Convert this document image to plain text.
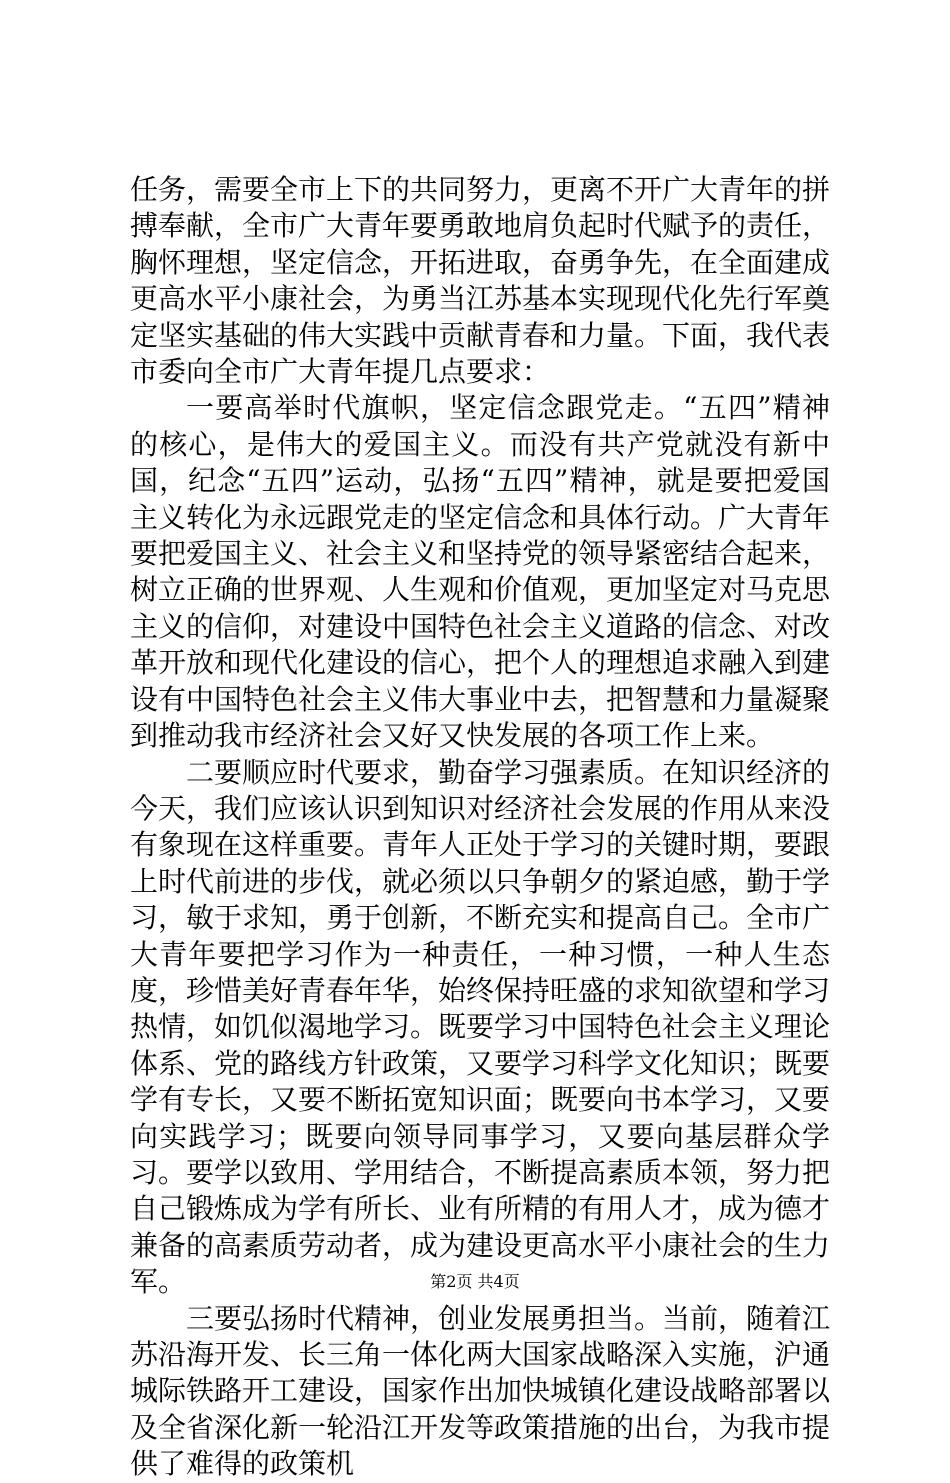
任务，需要全市上下的共同努力，更离不开广大青年的拼搏奉献，全市广大青年要勇敢地肩负起时代赋予的责任，胸怀理想，坚定信念，开拓进取，奋勇争先，在全面建成更高水平小康社会，为勇当江苏基本实现现代化先行军奠定坚实基础的伟大实践中贡献青春和力量。下面，我代表市委向全市广大青年提几点要求：

一要高举时代旗帜，坚定信念跟党走。“五四”精神的核心，是伟大的爱国主义。而没有共产党就没有新中国，纪念“五四”运动，弘扬“五四”精神，就是要把爱国主义转化为永远跟党走的坚定信念和具体行动。广大青年要把爱国主义、社会主义和坚持党的领导紧密结合起来，树立正确的世界观、人生观和价值观，更加坚定对马克思主义的信仰，对建设中国特色社会主义道路的信念、对改革开放和现代化建设的信心，把个人的理想追求融入到建设有中国特色社会主义伟大事业中去，把智慧和力量凝聚到推动我市经济社会又好又快发展的各项工作上来。

二要顺应时代要求，勤奋学习强素质。在知识经济的今天，我们应该认识到知识对经济社会发展的作用从来没有象现在这样重要。青年人正处于学习的关键时期，要跟上时代前进的步伐，就必须以只争朝夕的紧迫感，勤于学习，敏于求知，勇于创新，不断充实和提高自己。全市广大青年要把学习作为一种责任，一种习惯，一种人生态度，珍惜美好青春年华，始终保持旺盛的求知欲望和学习热情，如饥似渴地学习。既要学习中国特色社会主义理论体系、党的路线方针政策，又要学习科学文化知识；既要学有专长，又要不断拓宽知识面；既要向书本学习，又要向实践学习；既要向领导同事学习，又要向基层群众学习。要学以致用、学用结合，不断提高素质本领，努力把自己锻炼成为学有所长、业有所精的有用人才，成为德才兼备的高素质劳动者，成为建设更高水平小康社会的生力军。

三要弘扬时代精神，创业发展勇担当。当前，随着江苏沿海开发、长三角一体化两大国家战略深入实施，沪通城际铁路开工建设，国家作出加快城镇化建设战略部署以及全省深化新一轮沿江开发等政策措施的出台，为我市提供了难得的政策机

第2页 共4页
